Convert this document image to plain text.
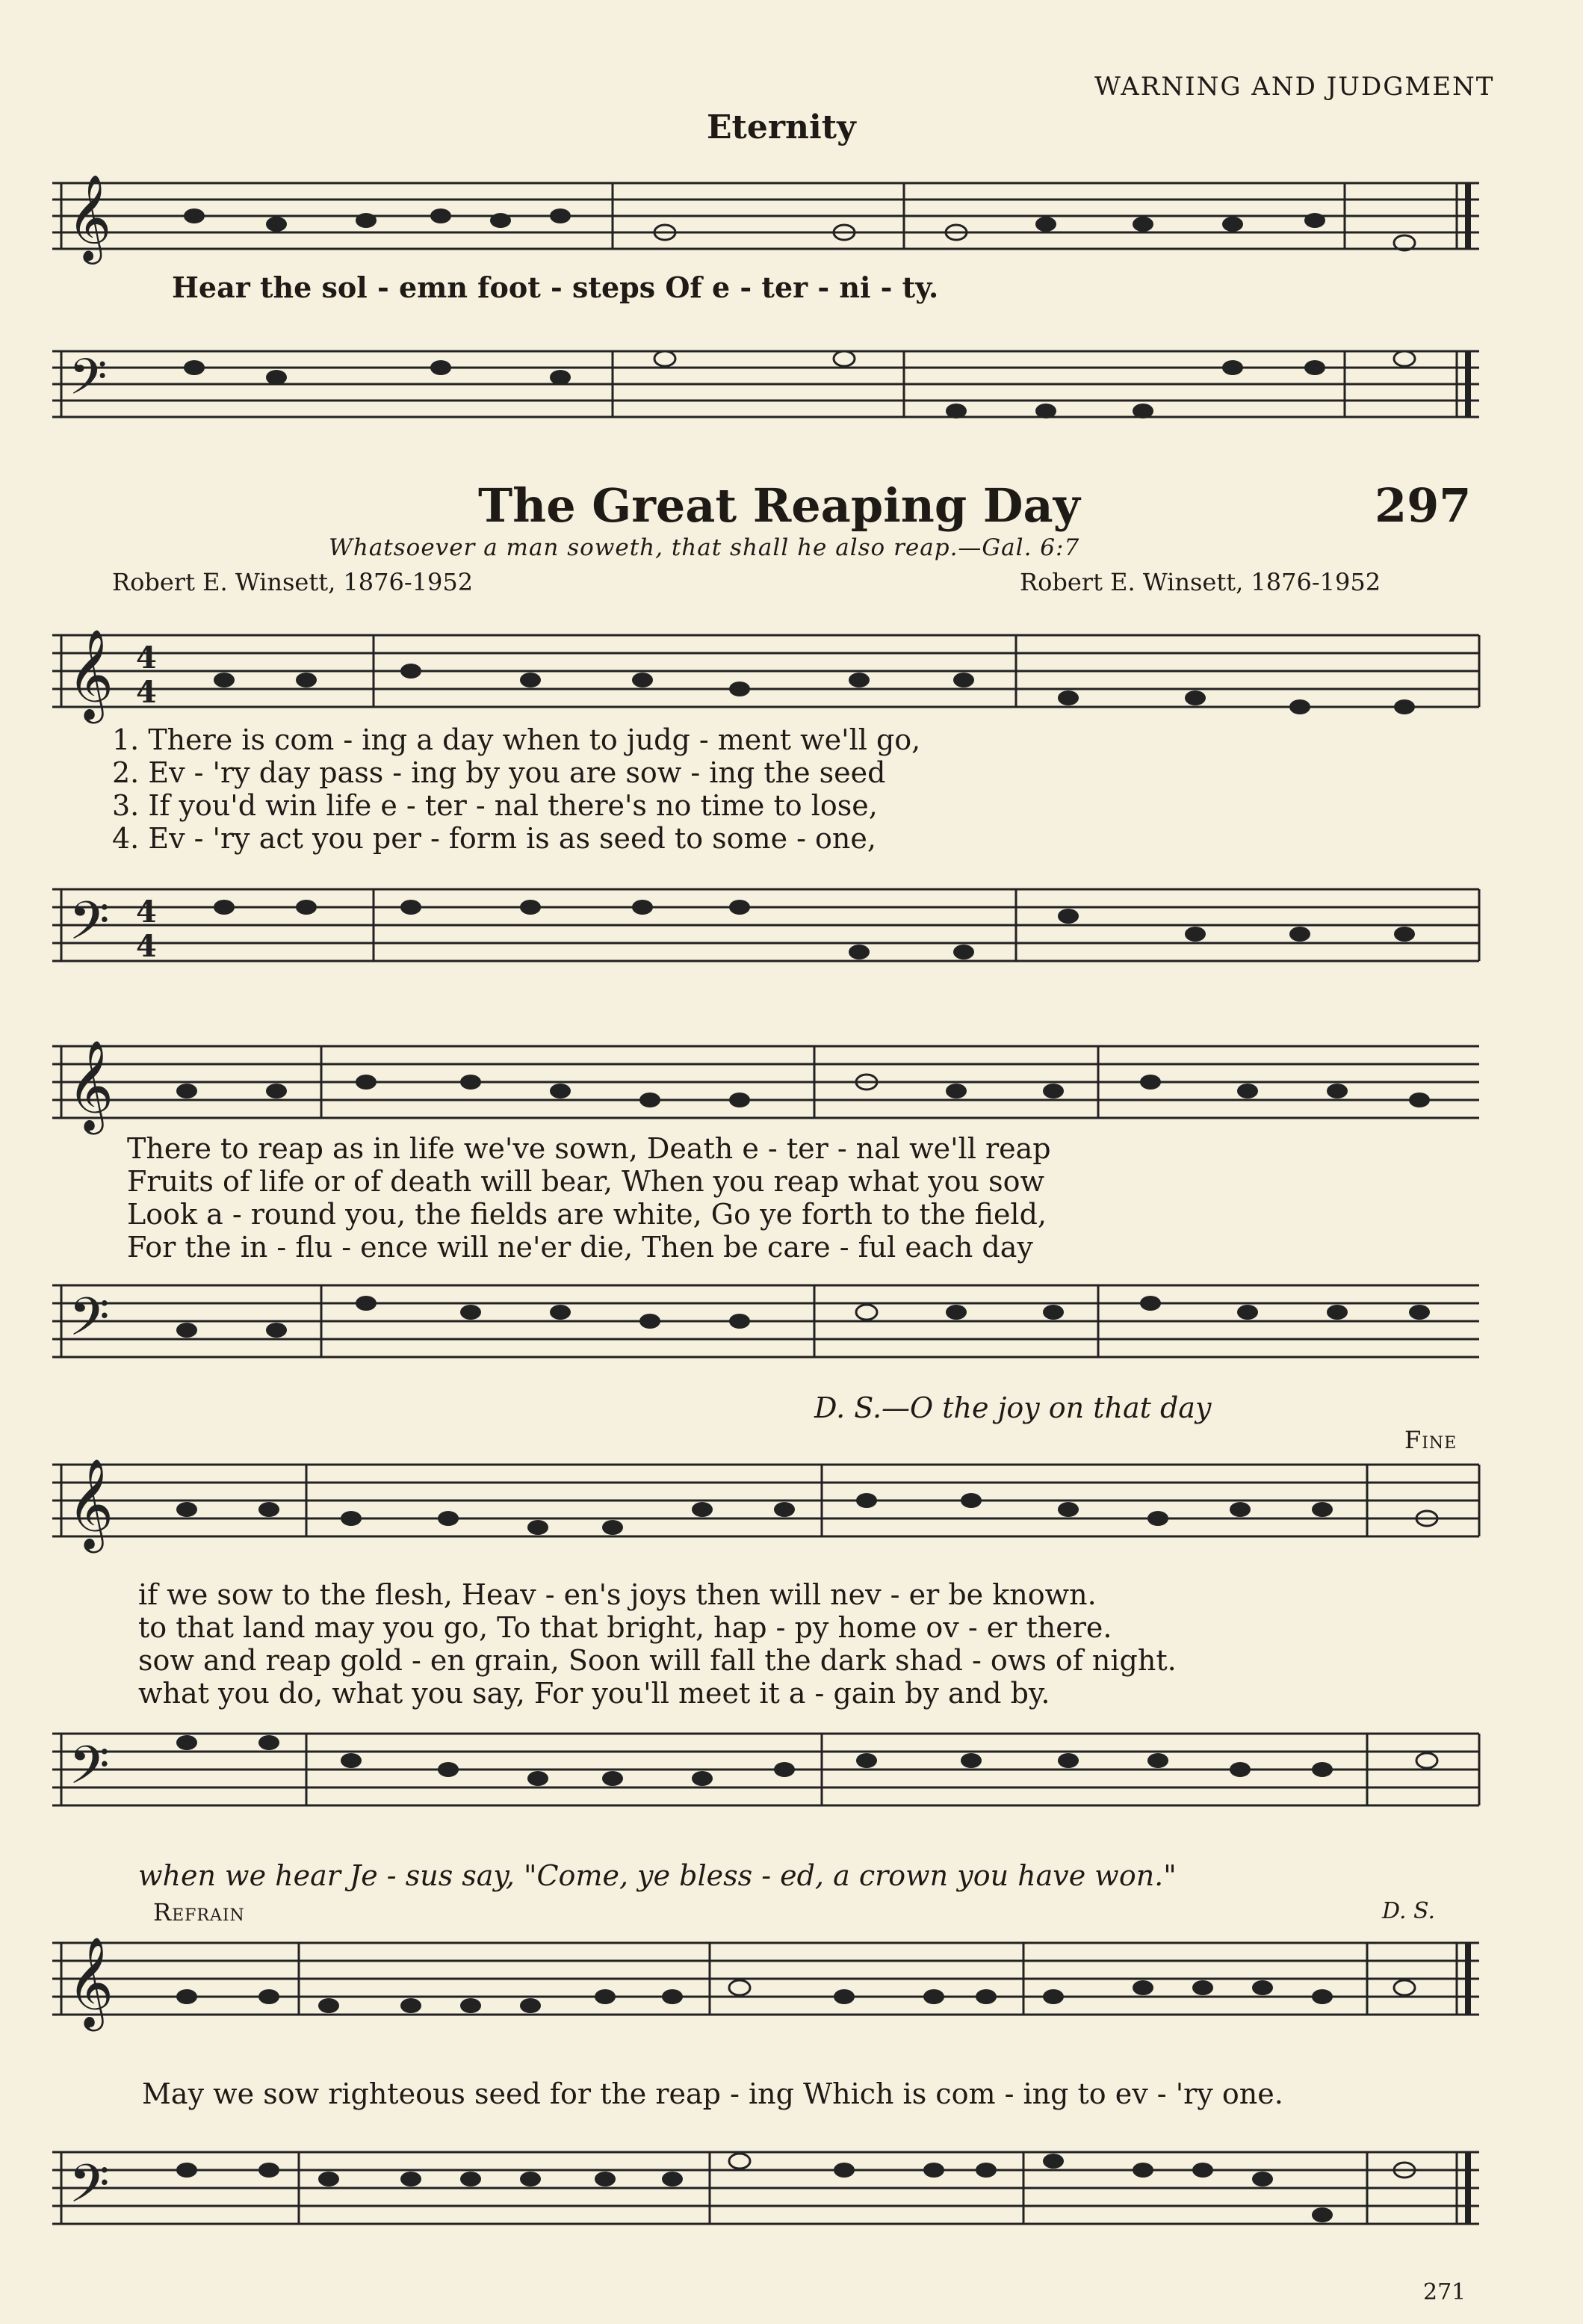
WARNING AND JUDGMENT
Eternity
𝄞
Hear the sol - emn foot - steps Of e - ter - ni - ty.
𝄢
The Great Reaping Day	297
Whatsoever a man soweth, that shall he also reap.—Gal. 6:7
Robert E. Winsett, 1876-1952	Robert E. Winsett, 1876-1952
𝄞 4
4
1. There is com - ing a day when to judg - ment we'll go,
2. Ev - 'ry day pass - ing by you are sow - ing the seed
3. If you'd win life e - ter - nal there's no time to lose,
4. Ev - 'ry act you per - form is as seed to some - one,
𝄢 4
4
𝄞
There to reap as in life we've sown, Death e - ter - nal we'll reap
Fruits of life or of death will bear, When you reap what you sow
Look a - round you, the fields are white, Go ye forth to the field,
For the in - flu - ence will ne'er die, Then be care - ful each day
𝄢
D. S.—O the joy on that day
Fine
𝄞
if we sow to the flesh, Heav - en's joys then will nev - er be known.
to that land may you go, To that bright, hap - py home ov - er there.
sow and reap gold - en grain, Soon will fall the dark shad - ows of night.
what you do, what you say, For you'll meet it a - gain by and by.
𝄢
when we hear Je - sus say, "Come, ye bless - ed, a crown you have won."
Refrain	D. S.
𝄞
May we sow righteous seed for the reap - ing Which is com - ing to ev - 'ry one.
𝄢
271
